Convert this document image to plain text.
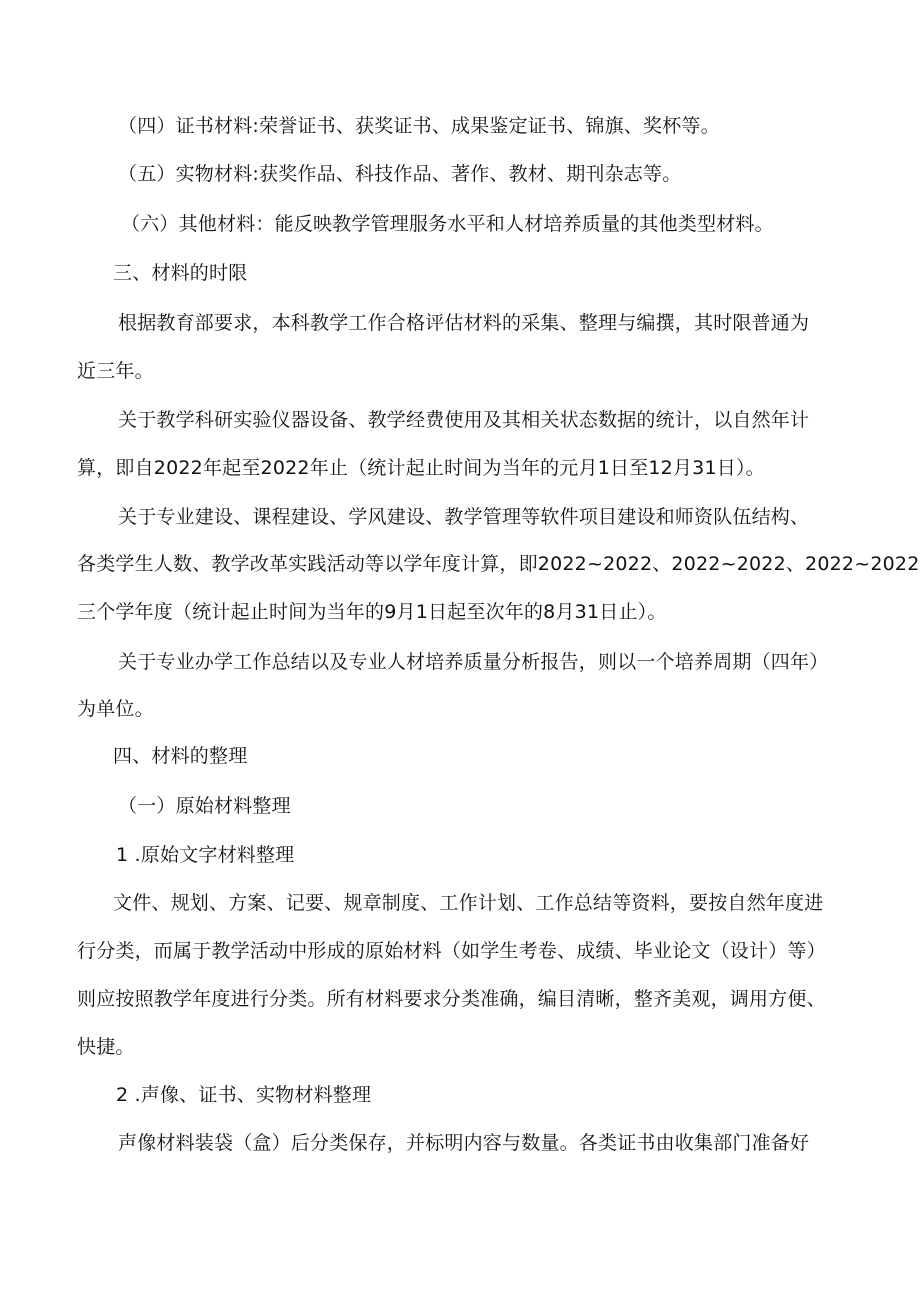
（四）证书材料:荣誉证书、获奖证书、成果鉴定证书、锦旗、奖杯等。
（五）实物材料:获奖作品、科技作品、著作、教材、期刊杂志等。
（六）其他材料：能反映教学管理服务水平和人材培养质量的其他类型材料。
三、材料的时限
根据教育部要求，本科教学工作合格评估材料的采集、整理与编撰，其时限普通为
近三年。
关于教学科研实验仪器设备、教学经费使用及其相关状态数据的统计，以自然年计
算，即自2022年起至2022年止（统计起止时间为当年的元月1日至12月31日）。
关于专业建设、课程建设、学风建设、教学管理等软件项目建设和师资队伍结构、
各类学生人数、教学改革实践活动等以学年度计算，即2022~2022、2022~2022、2022~2022
三个学年度（统计起止时间为当年的9月1日起至次年的8月31日止）。
关于专业办学工作总结以及专业人材培养质量分析报告，则以一个培养周期（四年）
为单位。
四、材料的整理
（一）原始材料整理
1 .原始文字材料整理
文件、规划、方案、记要、规章制度、工作计划、工作总结等资料，要按自然年度进
行分类，而属于教学活动中形成的原始材料（如学生考卷、成绩、毕业论文（设计）等）
则应按照教学年度进行分类。所有材料要求分类准确，编目清晰，整齐美观，调用方便、
快捷。
2 .声像、证书、实物材料整理
声像材料装袋（盒）后分类保存，并标明内容与数量。各类证书由收集部门准备好
